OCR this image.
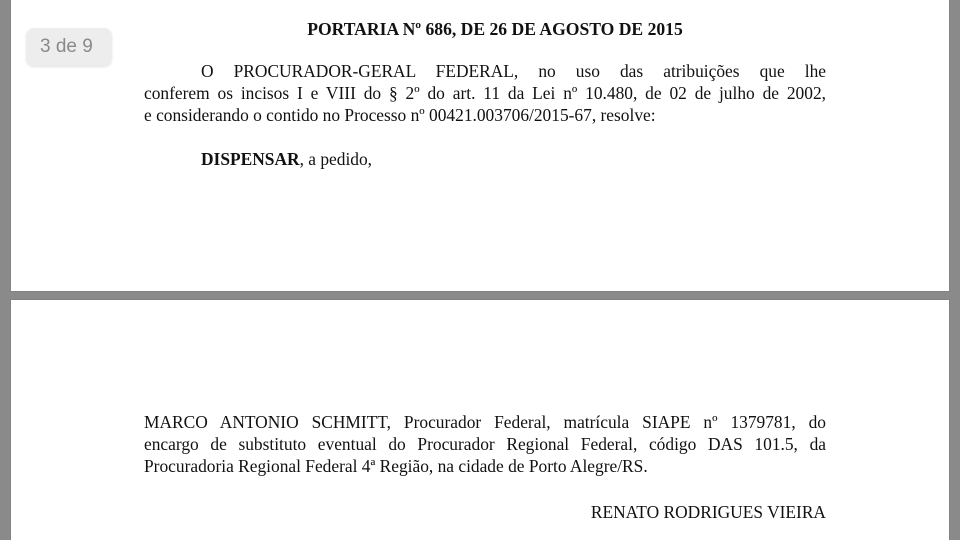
PORTARIA Nº 686, DE 26 DE AGOSTO DE 2015
O PROCURADOR-GERAL FEDERAL, no uso das atribuições que lhe
conferem os incisos I e VIII do § 2º do art. 11 da Lei nº 10.480, de 02 de julho de 2002,
e considerando o contido no Processo nº 00421.003706/2015-67, resolve:
DISPENSAR, a pedido,
MARCO ANTONIO SCHMITT, Procurador Federal, matrícula SIAPE nº 1379781, do
encargo de substituto eventual do Procurador Regional Federal, código DAS 101.5, da
Procuradoria Regional Federal 4ª Região, na cidade de Porto Alegre/RS.
RENATO RODRIGUES VIEIRA
3 de 9
